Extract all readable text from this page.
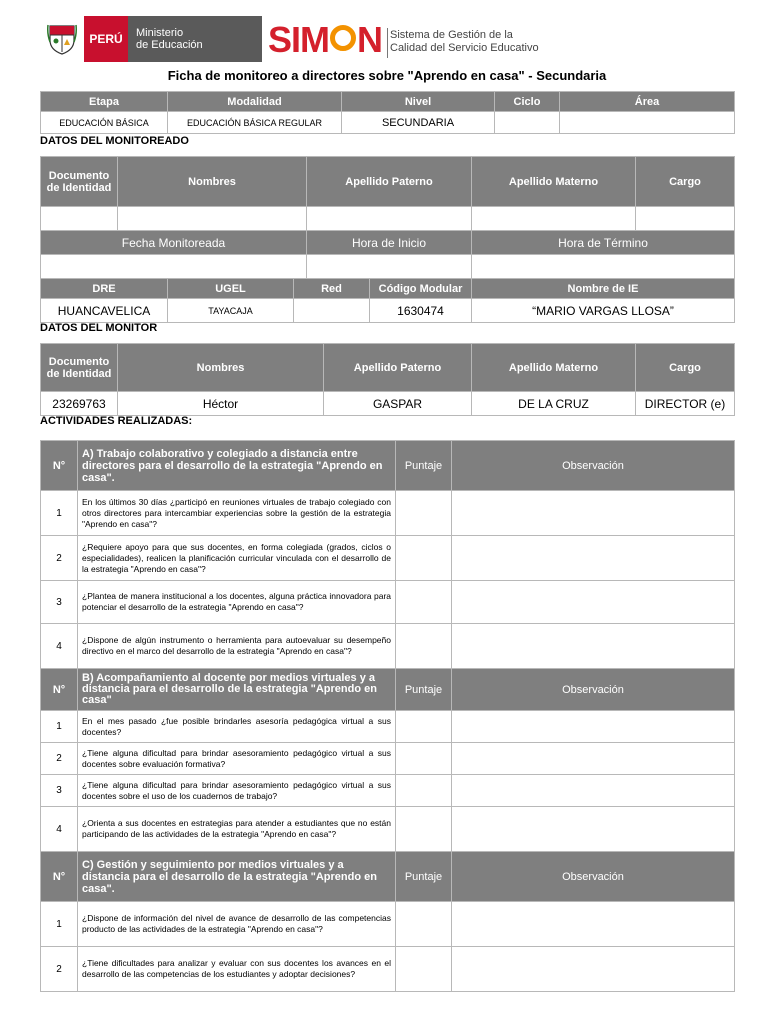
PERÚ	Ministerio
de Educación	SIM N Sistema de Gestión de la
Calidad del Servicio Educativo
Ficha de monitoreo a directores sobre "Aprendo en casa" - Secundaria
Etapa	Modalidad	Nivel	Ciclo	Área
EDUCACIÓN BÁSICA	EDUCACIÓN BÁSICA REGULAR	SECUNDARIA		
DATOS DEL MONITOREADO
Documento de Identidad	Nombres	Apellido Paterno	Apellido Materno	Cargo

Fecha Monitoreada	Hora de Inicio	Hora de Término

DRE	UGEL	Red	Código Modular	Nombre de IE
HUANCAVELICA	TAYACAJA		1630474	“MARIO VARGAS LLOSA”
DATOS DEL MONITOR
Documento de Identidad	Nombres	Apellido Paterno	Apellido Materno	Cargo
23269763	Héctor	GASPAR	DE LA CRUZ	DIRECTOR (e)
ACTIVIDADES REALIZADAS:
N°	A) Trabajo colaborativo y colegiado a distancia entre directores para el desarrollo de la estrategia "Aprendo en casa".	Puntaje	Observación
1	En los últimos 30 días ¿participó en reuniones virtuales de trabajo colegiado con otros directores para intercambiar experiencias sobre la gestión de la estrategia "Aprendo en casa"?		
2	¿Requiere apoyo para que sus docentes, en forma colegiada (grados, ciclos o especialidades), realicen la planificación curricular vinculada con el desarrollo de la estrategia "Aprendo en casa"?		
3	¿Plantea de manera institucional a los docentes, alguna práctica innovadora para potenciar el desarrollo de la estrategia "Aprendo en casa"?		
4	¿Dispone de algún instrumento o herramienta para autoevaluar su desempeño directivo en el marco del desarrollo de la estrategia "Aprendo en casa"?		
N°	B) Acompañamiento al docente por medios virtuales y a distancia para el desarrollo de la estrategia "Aprendo en casa"	Puntaje	Observación
1	En el mes pasado ¿fue posible brindarles asesoría pedagógica virtual a sus docentes?		
2	¿Tiene alguna dificultad para brindar asesoramiento pedagógico virtual a sus docentes sobre evaluación formativa?		
3	¿Tiene alguna dificultad para brindar asesoramiento pedagógico virtual a sus docentes sobre el uso de los cuadernos de trabajo?		
4	¿Orienta a sus docentes en estrategias para atender a estudiantes que no están participando de las actividades de la estrategia "Aprendo en casa"?		
N°	C) Gestión y seguimiento por medios virtuales y a distancia para el desarrollo de la estrategia "Aprendo en casa".	Puntaje	Observación
1	¿Dispone de información del nivel de avance de desarrollo de las competencias producto de las actividades de la estrategia "Aprendo en casa"?		
2	¿Tiene dificultades para analizar y evaluar con sus docentes los avances en el desarrollo de las competencias de los estudiantes y adoptar decisiones?		
